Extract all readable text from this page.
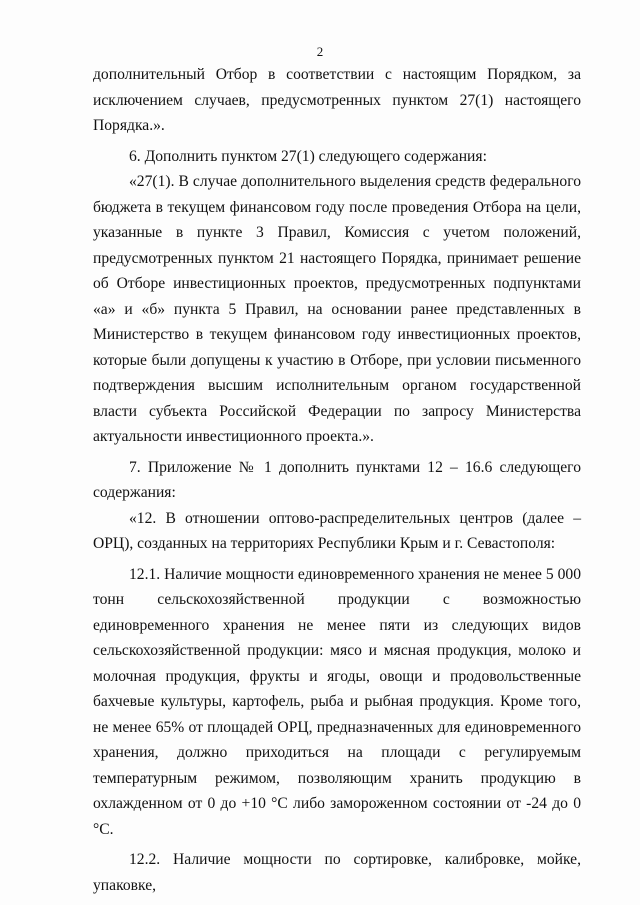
2

дополнительный Отбор в соответствии с настоящим Порядком, за исключением случаев, предусмотренных пунктом 27(1) настоящего Порядка.».

6. Дополнить пунктом 27(1) следующего содержания:

«27(1). В случае дополнительного выделения средств федерального бюджета в текущем финансовом году после проведения Отбора на цели, указанные в пункте 3 Правил, Комиссия с учетом положений, предусмотренных пунктом 21 настоящего Порядка, принимает решение об Отборе инвестиционных проектов, предусмотренных подпунктами «а» и «б» пункта 5 Правил, на основании ранее представленных в Министерство в текущем финансовом году инвестиционных проектов, которые были допущены к участию в Отборе, при условии письменного подтверждения высшим исполнительным органом государственной власти субъекта Российской Федерации по запросу Министерства актуальности инвестиционного проекта.».

7. Приложение № 1 дополнить пунктами 12 – 16.6 следующего содержания:

«12. В отношении оптово-распределительных центров (далее – ОРЦ), созданных на территориях Республики Крым и г. Севастополя:

12.1. Наличие мощности единовременного хранения не менее 5 000 тонн сельскохозяйственной продукции с возможностью единовременного хранения не менее пяти из следующих видов сельскохозяйственной продукции: мясо и мясная продукция, молоко и молочная продукция, фрукты и ягоды, овощи и продовольственные бахчевые культуры, картофель, рыба и рыбная продукция. Кроме того, не менее 65% от площадей ОРЦ, предназначенных для единовременного хранения, должно приходиться на площади с регулируемым температурным режимом, позволяющим хранить продукцию в охлажденном от 0 до +10 °С либо замороженном состоянии от -24 до 0 °С.

12.2. Наличие мощности по сортировке, калибровке, мойке, упаковке,
